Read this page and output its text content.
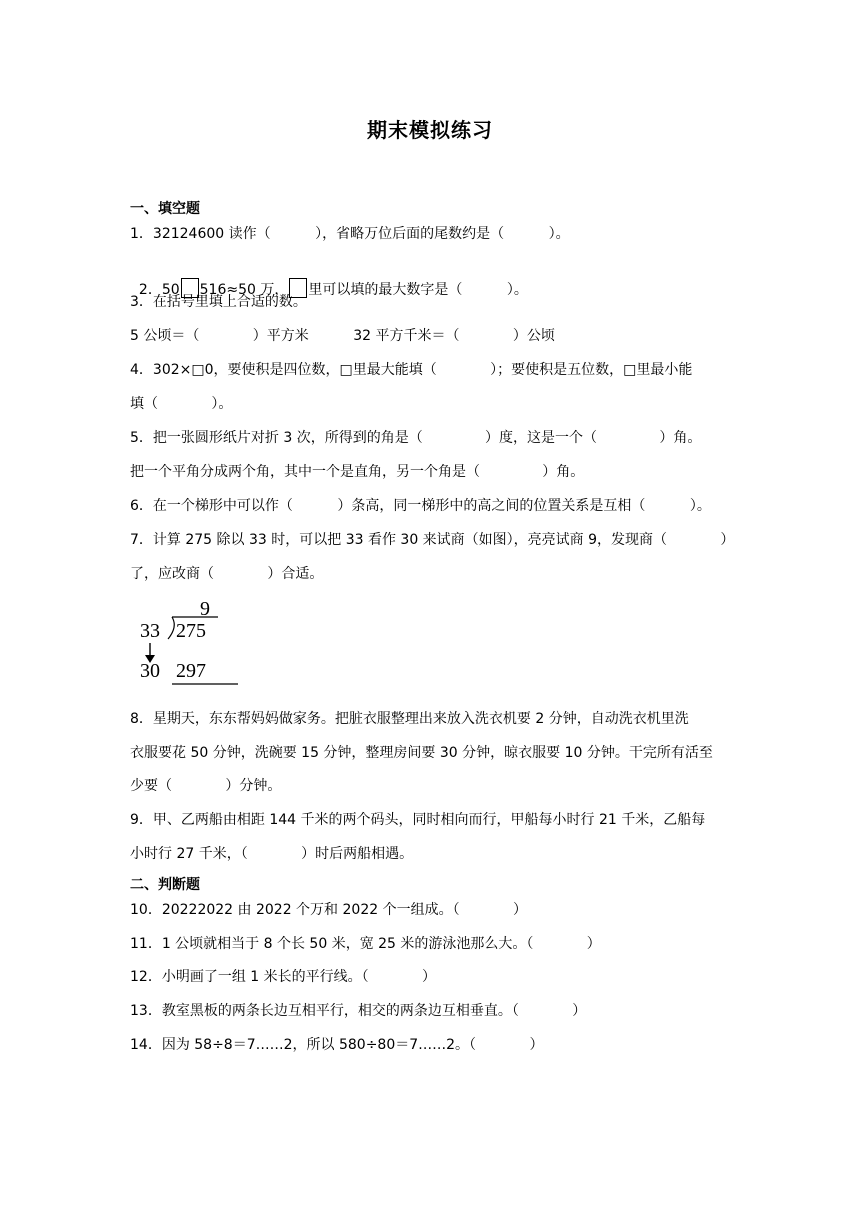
期末模拟练习
一、填空题
1．32124600 读作（          ），省略万位后面的尾数约是（          ）。

2．50 516≈50 万， 里可以填的最大数字是（          ）。

3．在括号里填上合适的数。
5 公顷＝（            ）平方米          32 平方千米＝（            ）公顷
4．302×□0，要使积是四位数，□里最大能填（            ）；要使积是五位数，□里最小能
填（            ）。
5．把一张圆形纸片对折 3 次，所得到的角是（              ）度，这是一个（              ）角。
把一个平角分成两个角，其中一个是直角，另一个角是（              ）角。
6．在一个梯形中可以作（          ）条高，同一梯形中的高之间的位置关系是互相（          ）。
7．计算 275 除以 33 时，可以把 33 看作 30 来试商（如图），亮亮试商 9，发现商（            ）
了，应改商（            ）合适。
9
33 275
30 297
8．星期天，东东帮妈妈做家务。把脏衣服整理出来放入洗衣机要 2 分钟，自动洗衣机里洗
衣服要花 50 分钟，洗碗要 15 分钟，整理房间要 30 分钟，晾衣服要 10 分钟。干完所有活至
少要（            ）分钟。
9．甲、乙两船由相距 144 千米的两个码头，同时相向而行，甲船每小时行 21 千米，乙船每
小时行 27 千米，（            ）时后两船相遇。
二、判断题
10．20222022 由 2022 个万和 2022 个一组成。（            ）
11．1 公顷就相当于 8 个长 50 米，宽 25 米的游泳池那么大。（            ）
12．小明画了一组 1 米长的平行线。（            ）
13．教室黑板的两条长边互相平行，相交的两条边互相垂直。（            ）
14．因为 58÷8＝7……2，所以 580÷80＝7……2。（            ）
